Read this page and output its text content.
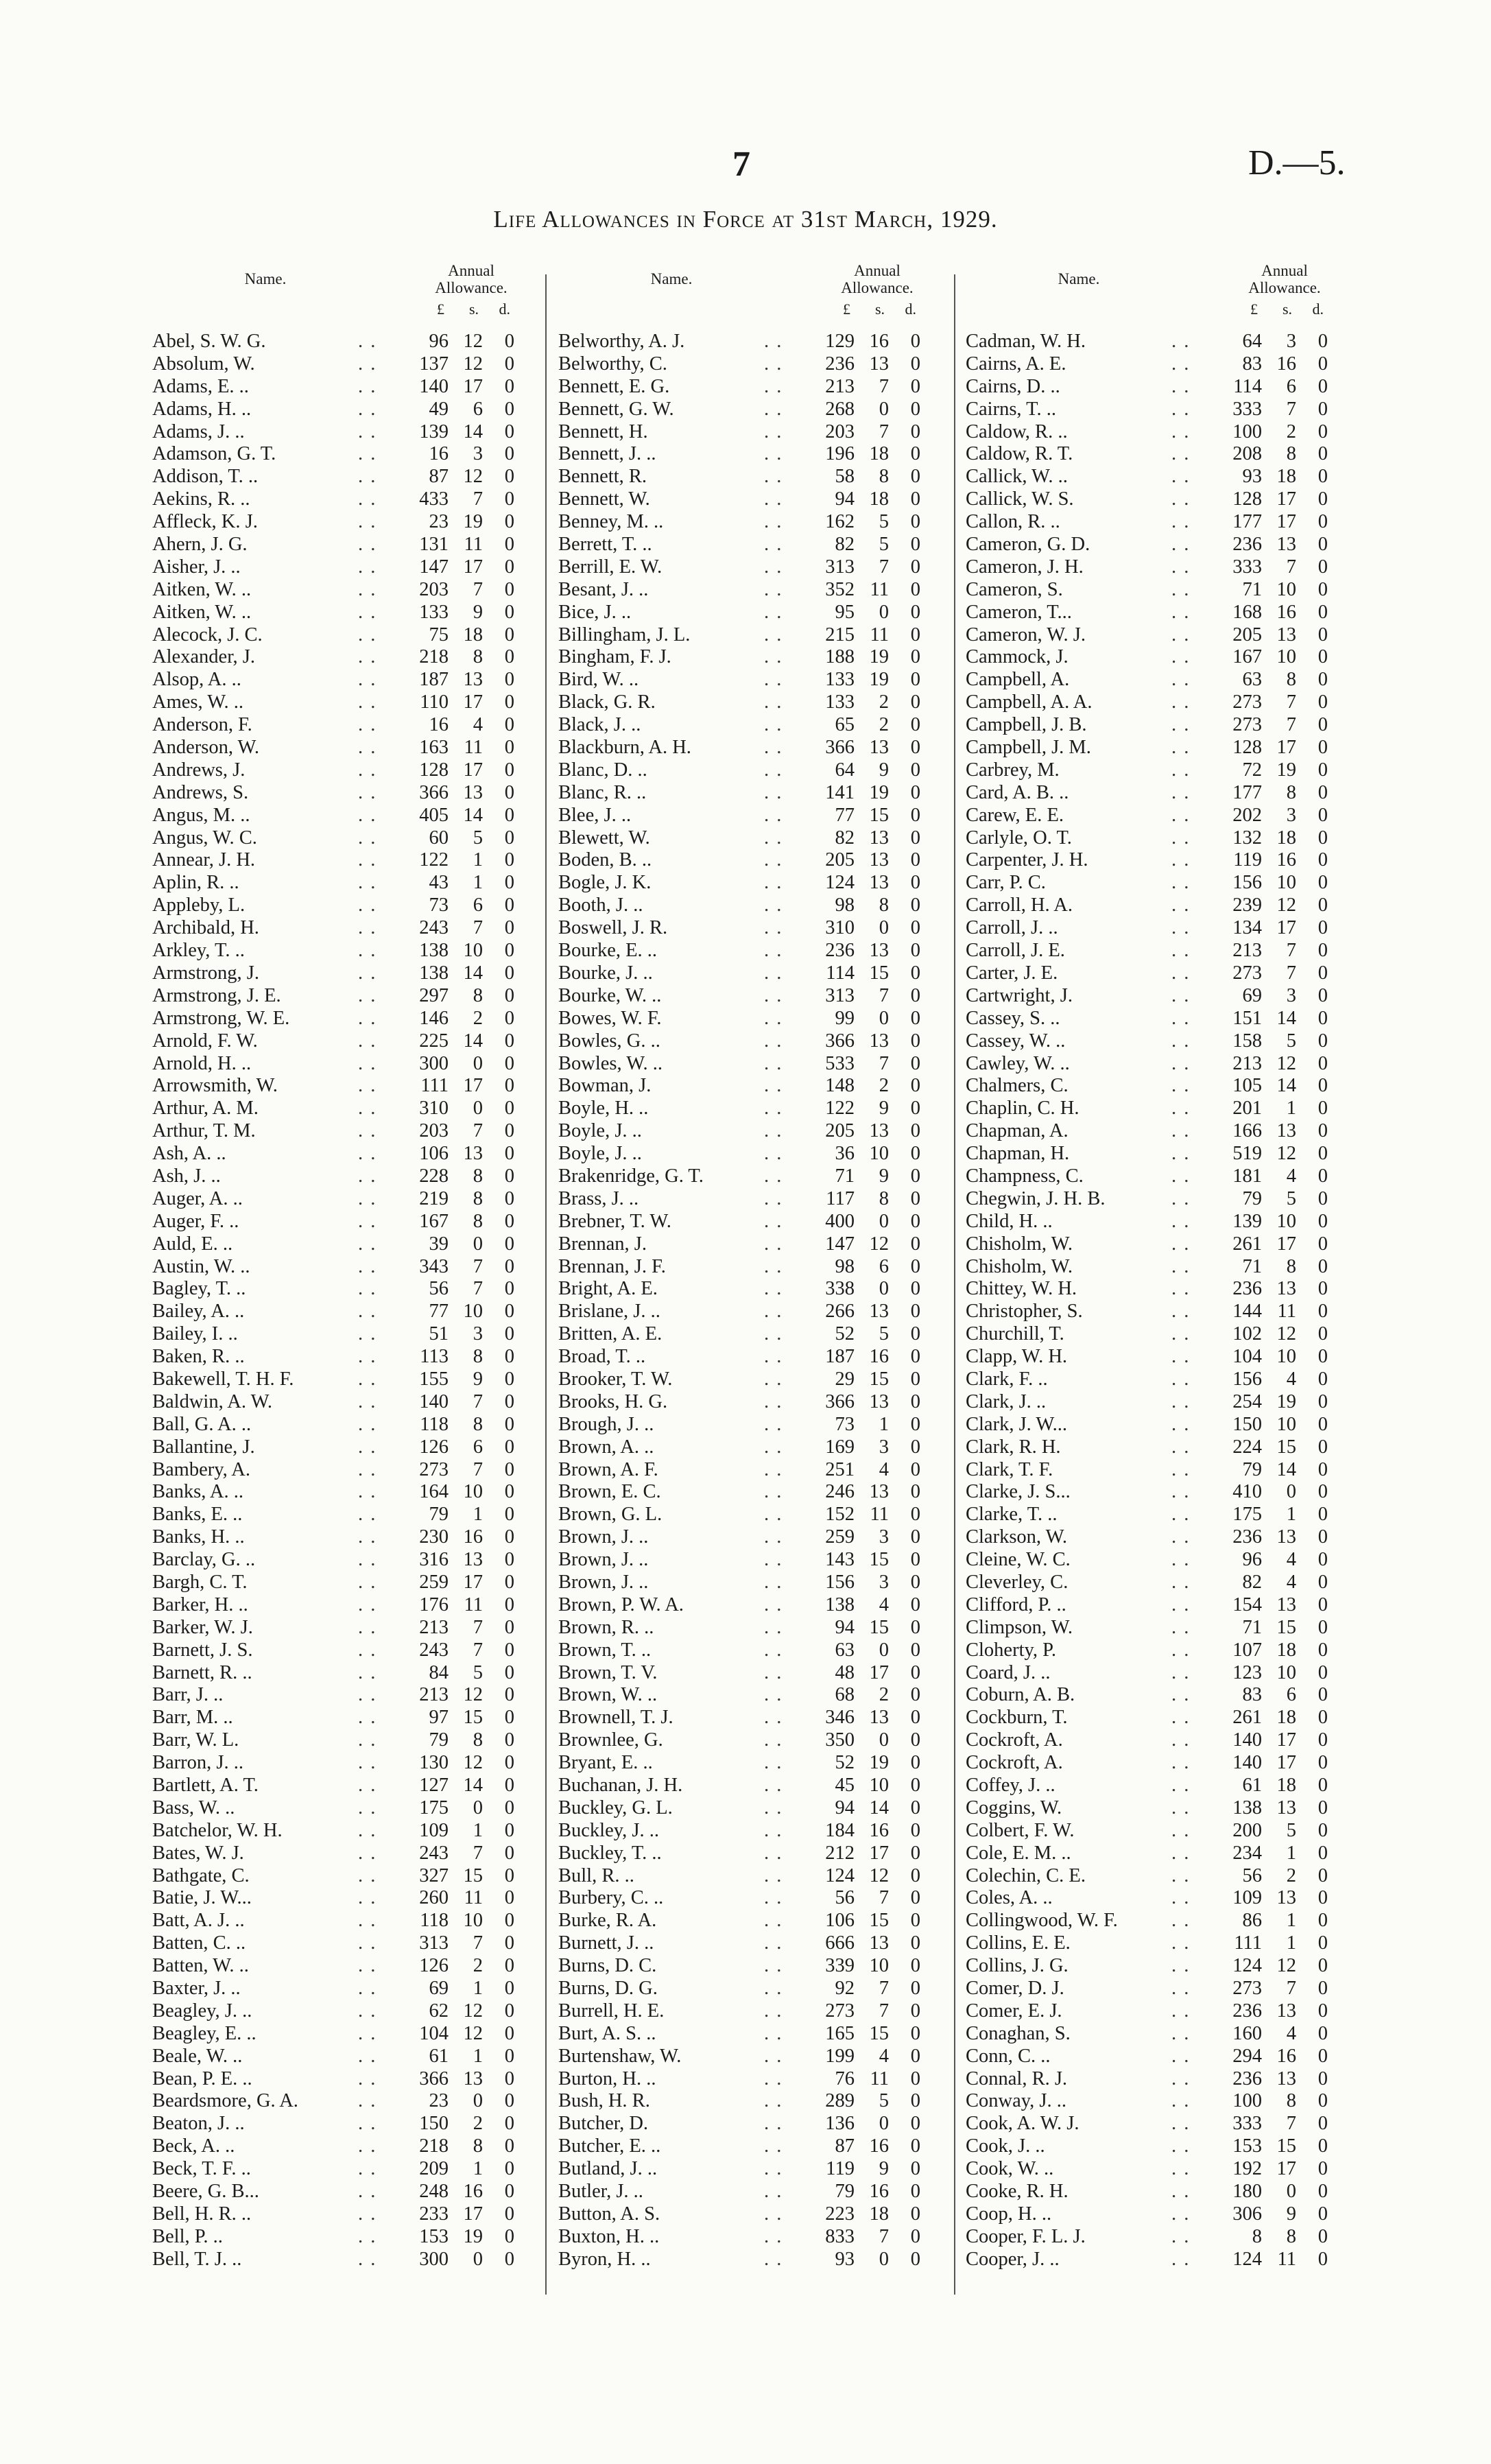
7	D.—5.
Life Allowances in Force at 31st March, 1929.
Name.	Annual
Allowance.
£ s. d.
Abel, S. W. G.	. .	96 12	0
Absolum, W.	. .	137 12	0
Adams, E. ..	. .	140 17	0
Adams, H. ..	. .	49	6	0
Adams, J. ..	. .	139 14	0
Adamson, G. T.	. .	16	3	0
Addison, T. ..	. .	87 12	0
Aekins, R. ..	. .	433	7	0
Affleck, K. J.	. .	23 19	0
Ahern, J. G.	. .	131 11	0
Aisher, J. ..	. .	147 17	0
Aitken, W. ..	. .	203	7	0
Aitken, W. ..	. .	133	9	0
Alecock, J. C.	. .	75 18	0
Alexander, J.	. .	218	8	0
Alsop, A. ..	. .	187 13	0
Ames, W. ..	. .	110 17	0
Anderson, F.	. .	16	4	0
Anderson, W.	. .	163 11	0
Andrews, J.	. .	128 17	0
Andrews, S.	. .	366 13	0
Angus, M. ..	. .	405 14	0
Angus, W. C.	. .	60	5	0
Annear, J. H.	. .	122	1	0
Aplin, R. ..	. .	43	1	0
Appleby, L.	. .	73	6	0
Archibald, H.	. .	243	7	0
Arkley, T. ..	. .	138 10	0
Armstrong, J.	. .	138 14	0
Armstrong, J. E.	. .	297	8	0
Armstrong, W. E.	. .	146	2	0
Arnold, F. W.	. .	225 14	0
Arnold, H. ..	. .	300	0	0
Arrowsmith, W.	. .	111 17	0
Arthur, A. M.	. .	310	0	0
Arthur, T. M.	. .	203	7	0
Ash, A. ..	. .	106 13	0
Ash, J. ..	. .	228	8	0
Auger, A. ..	. .	219	8	0
Auger, F. ..	. .	167	8	0
Auld, E. ..	. .	39	0	0
Austin, W. ..	. .	343	7	0
Bagley, T. ..	. .	56	7	0
Bailey, A. ..	. .	77 10	0
Bailey, I. ..	. .	51	3	0
Baken, R. ..	. .	113	8	0
Bakewell, T. H. F.	. .	155	9	0
Baldwin, A. W.	. .	140	7	0
Ball, G. A. ..	. .	118	8	0
Ballantine, J.	. .	126	6	0
Bambery, A.	. .	273	7	0
Banks, A. ..	. .	164 10	0
Banks, E. ..	. .	79	1	0
Banks, H. ..	. .	230 16	0
Barclay, G. ..	. .	316 13	0
Bargh, C. T.	. .	259 17	0
Barker, H. ..	. .	176 11	0
Barker, W. J.	. .	213	7	0
Barnett, J. S.	. .	243	7	0
Barnett, R. ..	. .	84	5	0
Barr, J. ..	. .	213 12	0
Barr, M. ..	. .	97 15	0
Barr, W. L.	. .	79	8	0
Barron, J. ..	. .	130 12	0
Bartlett, A. T.	. .	127 14	0
Bass, W. ..	. .	175	0	0
Batchelor, W. H.	. .	109	1	0
Bates, W. J.	. .	243	7	0
Bathgate, C.	. .	327 15	0
Batie, J. W...	. .	260 11	0
Batt, A. J. ..	. .	118 10	0
Batten, C. ..	. .	313	7	0
Batten, W. ..	. .	126	2	0
Baxter, J. ..	. .	69	1	0
Beagley, J. ..	. .	62 12	0
Beagley, E. ..	. .	104 12	0
Beale, W. ..	. .	61	1	0
Bean, P. E. ..	. .	366 13	0
Beardsmore, G. A.	. .	23	0	0
Beaton, J. ..	. .	150	2	0
Beck, A. ..	. .	218	8	0
Beck, T. F. ..	. .	209	1	0
Beere, G. B...	. .	248 16	0
Bell, H. R. ..	. .	233 17	0
Bell, P. ..	. .	153 19	0
Bell, T. J. ..	. .	300	0	0
Name.	Annual
Allowance.
£ s. d.
Belworthy, A. J.	. .	129 16	0
Belworthy, C.	. .	236 13	0
Bennett, E. G.	. .	213	7	0
Bennett, G. W.	. .	268	0	0
Bennett, H.	. .	203	7	0
Bennett, J. ..	. .	196 18	0
Bennett, R.	. .	58	8	0
Bennett, W.	. .	94 18	0
Benney, M. ..	. .	162	5	0
Berrett, T. ..	. .	82	5	0
Berrill, E. W.	. .	313	7	0
Besant, J. ..	. .	352 11	0
Bice, J. ..	. .	95	0	0
Billingham, J. L.	. .	215 11	0
Bingham, F. J.	. .	188 19	0
Bird, W. ..	. .	133 19	0
Black, G. R.	. .	133	2	0
Black, J. ..	. .	65	2	0
Blackburn, A. H.	. .	366 13	0
Blanc, D. ..	. .	64	9	0
Blanc, R. ..	. .	141 19	0
Blee, J. ..	. .	77 15	0
Blewett, W.	. .	82 13	0
Boden, B. ..	. .	205 13	0
Bogle, J. K.	. .	124 13	0
Booth, J. ..	. .	98	8	0
Boswell, J. R.	. .	310	0	0
Bourke, E. ..	. .	236 13	0
Bourke, J. ..	. .	114 15	0
Bourke, W. ..	. .	313	7	0
Bowes, W. F.	. .	99	0	0
Bowles, G. ..	. .	366 13	0
Bowles, W. ..	. .	533	7	0
Bowman, J.	. .	148	2	0
Boyle, H. ..	. .	122	9	0
Boyle, J. ..	. .	205 13	0
Boyle, J. ..	. .	36 10	0
Brakenridge, G. T.	. .	71	9	0
Brass, J. ..	. .	117	8	0
Brebner, T. W.	. .	400	0	0
Brennan, J.	. .	147 12	0
Brennan, J. F.	. .	98	6	0
Bright, A. E.	. .	338	0	0
Brislane, J. ..	. .	266 13	0
Britten, A. E.	. .	52	5	0
Broad, T. ..	. .	187 16	0
Brooker, T. W.	. .	29 15	0
Brooks, H. G.	. .	366 13	0
Brough, J. ..	. .	73	1	0
Brown, A. ..	. .	169	3	0
Brown, A. F.	. .	251	4	0
Brown, E. C.	. .	246 13	0
Brown, G. L.	. .	152 11	0
Brown, J. ..	. .	259	3	0
Brown, J. ..	. .	143 15	0
Brown, J. ..	. .	156	3	0
Brown, P. W. A.	. .	138	4	0
Brown, R. ..	. .	94 15	0
Brown, T. ..	. .	63	0	0
Brown, T. V.	. .	48 17	0
Brown, W. ..	. .	68	2	0
Brownell, T. J.	. .	346 13	0
Brownlee, G.	. .	350	0	0
Bryant, E. ..	. .	52 19	0
Buchanan, J. H.	. .	45 10	0
Buckley, G. L.	. .	94 14	0
Buckley, J. ..	. .	184 16	0
Buckley, T. ..	. .	212 17	0
Bull, R. ..	. .	124 12	0
Burbery, C. ..	. .	56	7	0
Burke, R. A.	. .	106 15	0
Burnett, J. ..	. .	666 13	0
Burns, D. C.	. .	339 10	0
Burns, D. G.	. .	92	7	0
Burrell, H. E.	. .	273	7	0
Burt, A. S. ..	. .	165 15	0
Burtenshaw, W.	. .	199	4	0
Burton, H. ..	. .	76 11	0
Bush, H. R.	. .	289	5	0
Butcher, D.	. .	136	0	0
Butcher, E. ..	. .	87 16	0
Butland, J. ..	. .	119	9	0
Butler, J. ..	. .	79 16	0
Button, A. S.	. .	223 18	0
Buxton, H. ..	. .	833	7	0
Byron, H. ..	. .	93	0	0
Name.	Annual
Allowance.
£ s. d.
Cadman, W. H.	. .	64	3	0
Cairns, A. E.	. .	83 16	0
Cairns, D. ..	. .	114	6	0
Cairns, T. ..	. .	333	7	0
Caldow, R. ..	. .	100	2	0
Caldow, R. T.	. .	208	8	0
Callick, W. ..	. .	93 18	0
Callick, W. S.	. .	128 17	0
Callon, R. ..	. .	177 17	0
Cameron, G. D.	. .	236 13	0
Cameron, J. H.	. .	333	7	0
Cameron, S.	. .	71 10	0
Cameron, T...	. .	168 16	0
Cameron, W. J.	. .	205 13	0
Cammock, J.	. .	167 10	0
Campbell, A.	. .	63	8	0
Campbell, A. A.	. .	273	7	0
Campbell, J. B.	. .	273	7	0
Campbell, J. M.	. .	128 17	0
Carbrey, M.	. .	72 19	0
Card, A. B. ..	. .	177	8	0
Carew, E. E.	. .	202	3	0
Carlyle, O. T.	. .	132 18	0
Carpenter, J. H.	. .	119 16	0
Carr, P. C.	. .	156 10	0
Carroll, H. A.	. .	239 12	0
Carroll, J. ..	. .	134 17	0
Carroll, J. E.	. .	213	7	0
Carter, J. E.	. .	273	7	0
Cartwright, J.	. .	69	3	0
Cassey, S. ..	. .	151 14	0
Cassey, W. ..	. .	158	5	0
Cawley, W. ..	. .	213 12	0
Chalmers, C.	. .	105 14	0
Chaplin, C. H.	. .	201	1	0
Chapman, A.	. .	166 13	0
Chapman, H.	. .	519 12	0
Champness, C.	. .	181	4	0
Chegwin, J. H. B.	. .	79	5	0
Child, H. ..	. .	139 10	0
Chisholm, W.	. .	261 17	0
Chisholm, W.	. .	71	8	0
Chittey, W. H.	. .	236 13	0
Christopher, S.	. .	144 11	0
Churchill, T.	. .	102 12	0
Clapp, W. H.	. .	104 10	0
Clark, F. ..	. .	156	4	0
Clark, J. ..	. .	254 19	0
Clark, J. W...	. .	150 10	0
Clark, R. H.	. .	224 15	0
Clark, T. F.	. .	79 14	0
Clarke, J. S...	. .	410	0	0
Clarke, T. ..	. .	175	1	0
Clarkson, W.	. .	236 13	0
Cleine, W. C.	. .	96	4	0
Cleverley, C.	. .	82	4	0
Clifford, P. ..	. .	154 13	0
Climpson, W.	. .	71 15	0
Cloherty, P.	. .	107 18	0
Coard, J. ..	. .	123 10	0
Coburn, A. B.	. .	83	6	0
Cockburn, T.	. .	261 18	0
Cockroft, A.	. .	140 17	0
Cockroft, A.	. .	140 17	0
Coffey, J. ..	. .	61 18	0
Coggins, W.	. .	138 13	0
Colbert, F. W.	. .	200	5	0
Cole, E. M. ..	. .	234	1	0
Colechin, C. E.	. .	56	2	0
Coles, A. ..	. .	109 13	0
Collingwood, W. F.	. .	86	1	0
Collins, E. E.	. .	111	1	0
Collins, J. G.	. .	124 12	0
Comer, D. J.	. .	273	7	0
Comer, E. J.	. .	236 13	0
Conaghan, S.	. .	160	4	0
Conn, C. ..	. .	294 16	0
Connal, R. J.	. .	236 13	0
Conway, J. ..	. .	100	8	0
Cook, A. W. J.	. .	333	7	0
Cook, J. ..	. .	153 15	0
Cook, W. ..	. .	192 17	0
Cooke, R. H.	. .	180	0	0
Coop, H. ..	. .	306	9	0
Cooper, F. L. J.	. .	8	8	0
Cooper, J. ..	. .	124 11	0
